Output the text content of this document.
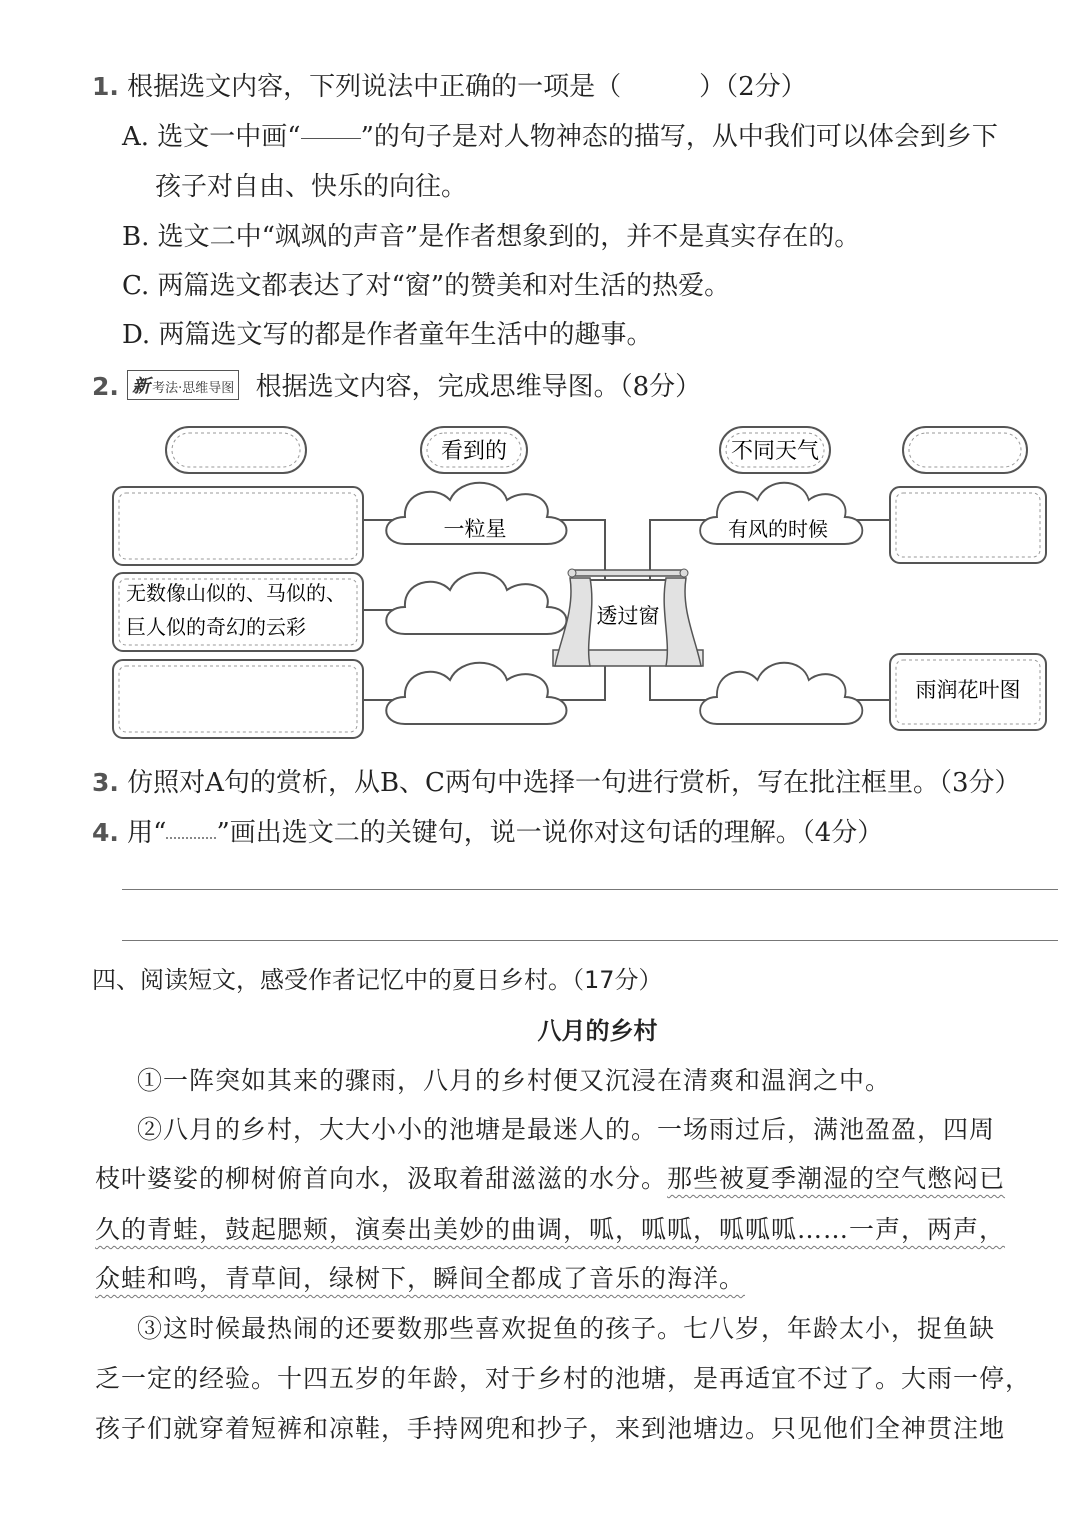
1. 根据选文内容，下列说法中正确的一项是（　　　）（2分）
A. 选文一中画“ ”的句子是对人物神态的描写，从中我们可以体会到乡下
孩子对自由、快乐的向往。
B. 选文二中“飒飒的声音”是作者想象到的，并不是真实存在的。
C. 两篇选文都表达了对“窗”的赞美和对生活的热爱。
D. 两篇选文写的都是作者童年生活中的趣事。
2. 新 考法·思维导图 根据选文内容，完成思维导图。（8分）
看到的	不同天气
无数像山似的、马似的、
巨人似的奇幻的云彩
雨润花叶图
一粒星	有风的时候
透过窗
3. 仿照对A句的赏析，从B、C两句中选择一句进行赏析，写在批注框里。（3分）
4. 用“ ”画出选文二的关键句，说一说你对这句话的理解。（4分）
四、阅读短文，感受作者记忆中的夏日乡村。（17分）
八月的乡村
①一阵突如其来的骤雨，八月的乡村便又沉浸在清爽和温润之中。
②八月的乡村，大大小小的池塘是最迷人的。一场雨过后，满池盈盈，四周
枝叶婆娑的柳树俯首向水，汲取着甜滋滋的水分。那些被夏季潮湿的空气憋闷已
久的青蛙，鼓起腮颊，演奏出美妙的曲调，呱，呱呱，呱呱呱……一声，两声，
众蛙和鸣，青草间，绿树下，瞬间全都成了音乐的海洋。
③这时候最热闹的还要数那些喜欢捉鱼的孩子。七八岁，年龄太小，捉鱼缺
乏一定的经验。十四五岁的年龄，对于乡村的池塘，是再适宜不过了。大雨一停，
孩子们就穿着短裤和凉鞋，手持网兜和抄子，来到池塘边。只见他们全神贯注地
